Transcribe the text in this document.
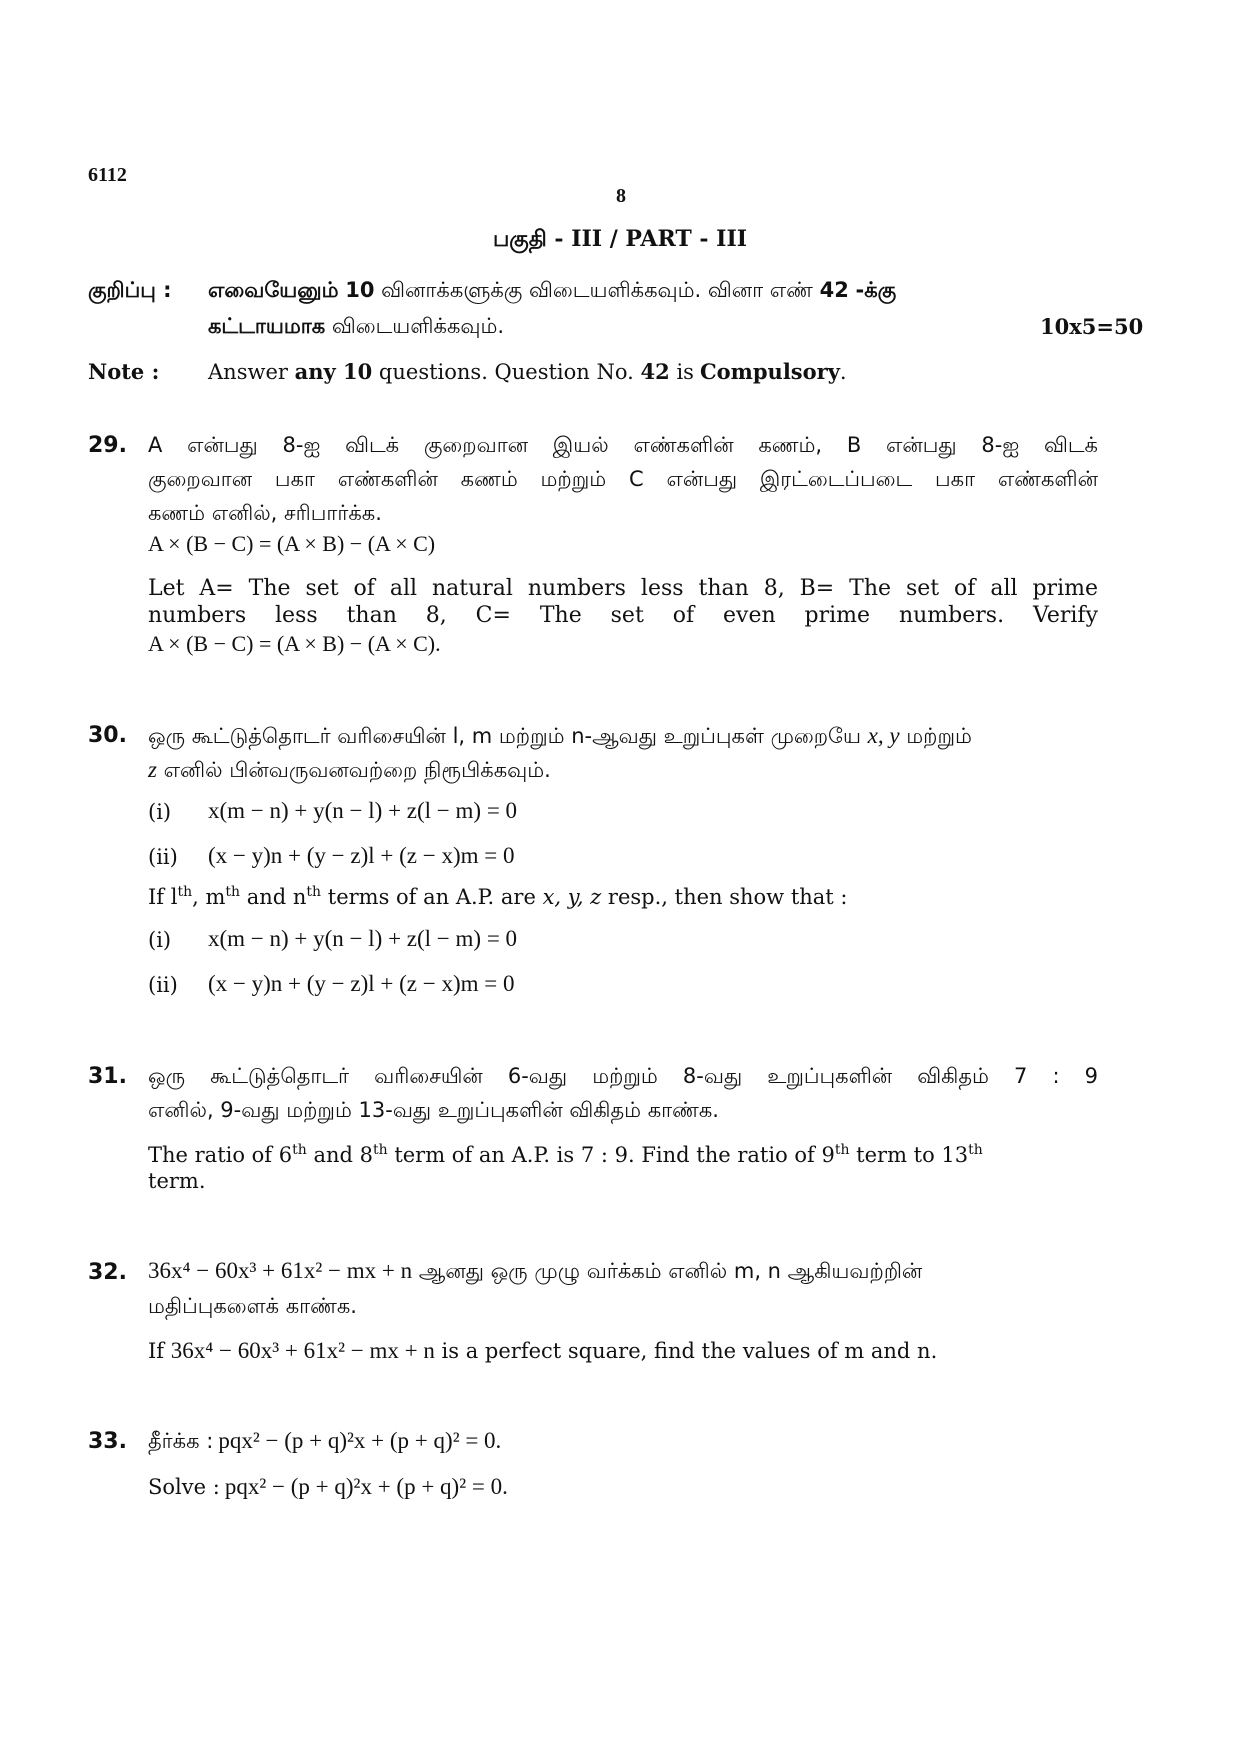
6112
8
பகுதி - III / PART - III
குறிப்பு : எவையேனும் 10 வினாக்களுக்கு விடையளிக்கவும். வினா எண் 42 -க்கு
கட்டாயமாக விடையளிக்கவும்.	10x5=50
Note : Answer any 10 questions. Question No. 42 is Compulsory.
29. A என்பது 8-ஐ விடக் குறைவான இயல் எண்களின் கணம், B என்பது 8-ஐ விடக்
குறைவான பகா எண்களின் கணம் மற்றும் C என்பது இரட்டைப்படை பகா எண்களின்
கணம் எனில், சரிபார்க்க.
A × (B − C) = (A × B) − (A × C)
Let A= The set of all natural numbers less than 8, B= The set of all prime
numbers less than 8, C= The set of even prime numbers. Verify
A × (B − C) = (A × B) − (A × C).
30. ஒரு கூட்டுத்தொடர் வரிசையின் l, m மற்றும் n-ஆவது உறுப்புகள் முறையே x, y மற்றும்
z எனில் பின்வருவனவற்றை நிரூபிக்கவும்.
(i) x(m − n) + y(n − l) + z(l − m) = 0
(ii) (x − y)n + (y − z)l + (z − x)m = 0
If $l^{th}$, $m^{th}$ and $n^{th}$ terms of an A.P. are x, y, z resp., then show that :
(i) x(m − n) + y(n − l) + z(l − m) = 0
(ii) (x − y)n + (y − z)l + (z − x)m = 0
31. ஒரு கூட்டுத்தொடர் வரிசையின் 6-வது மற்றும் 8-வது உறுப்புகளின் விகிதம் 7 : 9
எனில், 9-வது மற்றும் 13-வது உறுப்புகளின் விகிதம் காண்க.
The ratio of 6th and 8th term of an A.P. is 7 : 9. Find the ratio of 9th term to 13th
term.
32. 36x⁴ − 60x³ + 61x² − mx + n ஆனது ஒரு முழு வர்க்கம் எனில் m, n ஆகியவற்றின்
மதிப்புகளைக் காண்க.
If 36x⁴ − 60x³ + 61x² − mx + n is a perfect square, find the values of m and n.
33. தீர்க்க : pqx² − (p + q)²x + (p + q)² = 0.
Solve : pqx² − (p + q)²x + (p + q)² = 0.
